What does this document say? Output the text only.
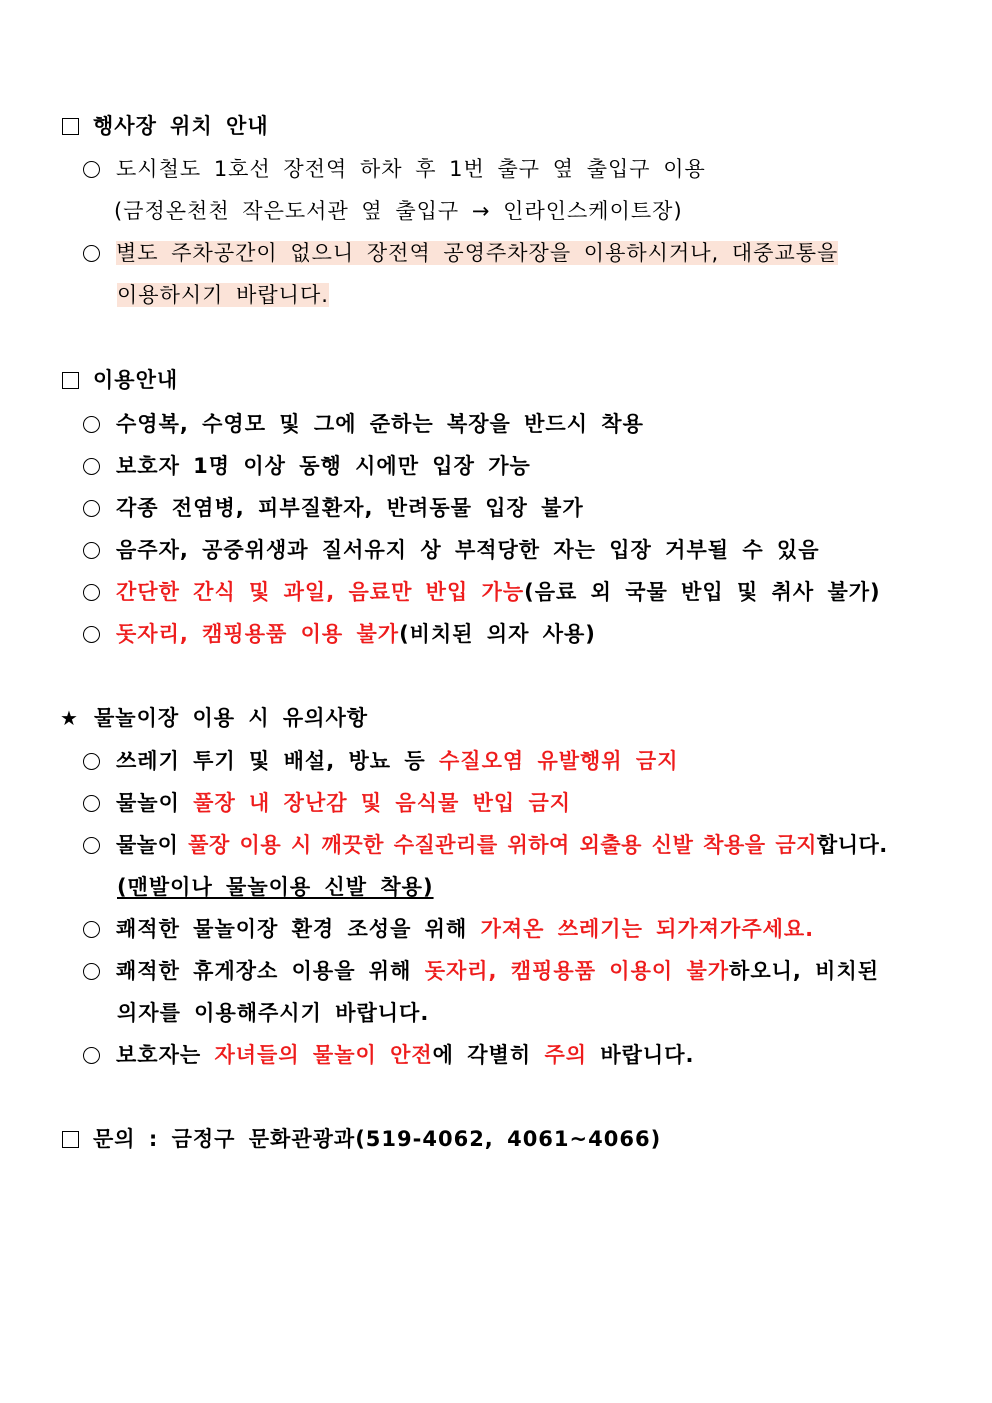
행사장 위치 안내
도시철도 1호선 장전역 하차 후 1번 출구 옆 출입구 이용
(금정온천천 작은도서관 옆 출입구 → 인라인스케이트장)
별도 주차공간이 없으니 장전역 공영주차장을 이용하시거나, 대중교통을
이용하시기 바랍니다.
이용안내
수영복, 수영모 및 그에 준하는 복장을 반드시 착용
보호자 1명 이상 동행 시에만 입장 가능
각종 전염병, 피부질환자, 반려동물 입장 불가
음주자, 공중위생과 질서유지 상 부적당한 자는 입장 거부될 수 있음
간단한 간식 및 과일, 음료만 반입 가능(음료 외 국물 반입 및 취사 불가)
돗자리, 캠핑용품 이용 불가(비치된 의자 사용)
★ 물놀이장 이용 시 유의사항
쓰레기 투기 및 배설, 방뇨 등 수질오염 유발행위 금지
물놀이 풀장 내 장난감 및 음식물 반입 금지
물놀이 풀장 이용 시 깨끗한 수질관리를 위하여 외출용 신발 착용을 금지합니다.
(맨발이나 물놀이용 신발 착용)
쾌적한 물놀이장 환경 조성을 위해 가져온 쓰레기는 되가져가주세요.
쾌적한 휴게장소 이용을 위해 돗자리, 캠핑용품 이용이 불가하오니, 비치된
의자를 이용해주시기 바랍니다.
보호자는 자녀들의 물놀이 안전에 각별히 주의 바랍니다.
문의 : 금정구 문화관광과(519-4062, 4061~4066)
